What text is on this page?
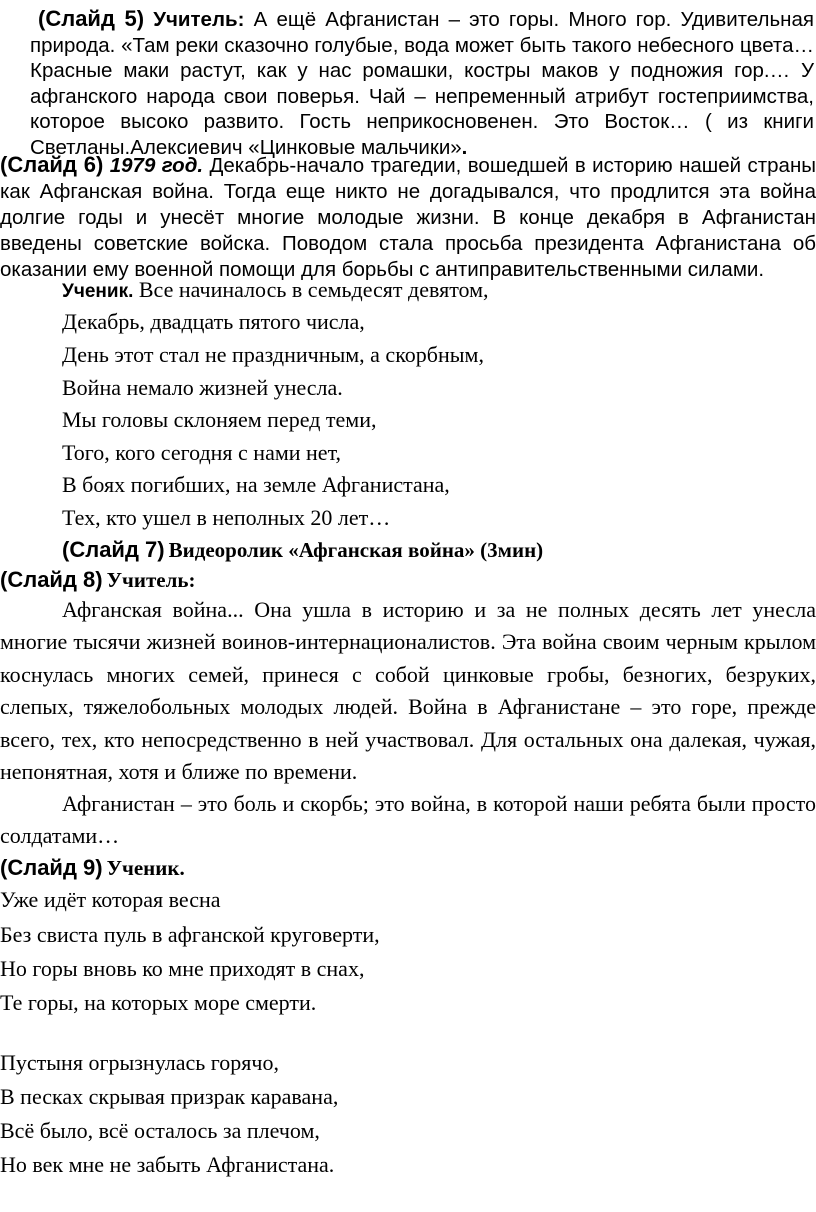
(Слайд 5) Учитель: А ещё Афганистан – это горы. Много гор. Удивительная природа. «Там реки сказочно голубые, вода может быть такого небесного цвета… Красные маки растут, как у нас ромашки, костры маков у подножия гор.… У афганского народа свои поверья. Чай – непременный атрибут гостеприимства, которое высоко развито. Гость неприкосновенен. Это Восток… ( из книги Светланы.Алексиевич «Цинковые мальчики».
(Слайд 6) 1979 год. Декабрь-начало трагедии, вошедшей в историю нашей страны как Афганская война. Тогда еще никто не догадывался, что продлится эта война долгие годы и унесёт многие молодые жизни. В конце декабря в Афганистан введены советские войска. Поводом стала просьба президента Афганистана об оказании ему военной помощи для борьбы с антиправительственными силами.
Ученик. Все начиналось в семьдесят девятом,
Декабрь, двадцать пятого числа,
День этот стал не праздничным, а скорбным,
Война немало жизней унесла.
Мы головы склоняем перед теми,
Того, кого сегодня с нами нет,
В боях погибших, на земле Афганистана,
Тех, кто ушел в неполных 20 лет…
(Слайд 7) Видеоролик «Афганская война» (3мин)
(Слайд 8) Учитель:
Афганская война... Она ушла в историю и за не полных десять лет унесла многие тысячи жизней воинов-интернационалистов. Эта война своим черным крылом коснулась многих семей, принеся с собой цинковые гробы, безногих, безруких, слепых, тяжелобольных молодых людей. Война в Афганистане – это горе, прежде всего, тех, кто непосредственно в ней участвовал. Для остальных она далекая, чужая, непонятная, хотя и ближе по времени.
Афганистан – это боль и скорбь; это война, в которой наши ребята были просто солдатами…
(Слайд 9) Ученик.
Уже идёт которая весна
Без свиста пуль в афганской круговерти,
Но горы вновь ко мне приходят в снах,
Те горы, на которых море смерти.
Пустыня огрызнулась горячо,
В песках скрывая призрак каравана,
Всё было, всё осталось за плечом,
Но век мне не забыть Афганистана.
